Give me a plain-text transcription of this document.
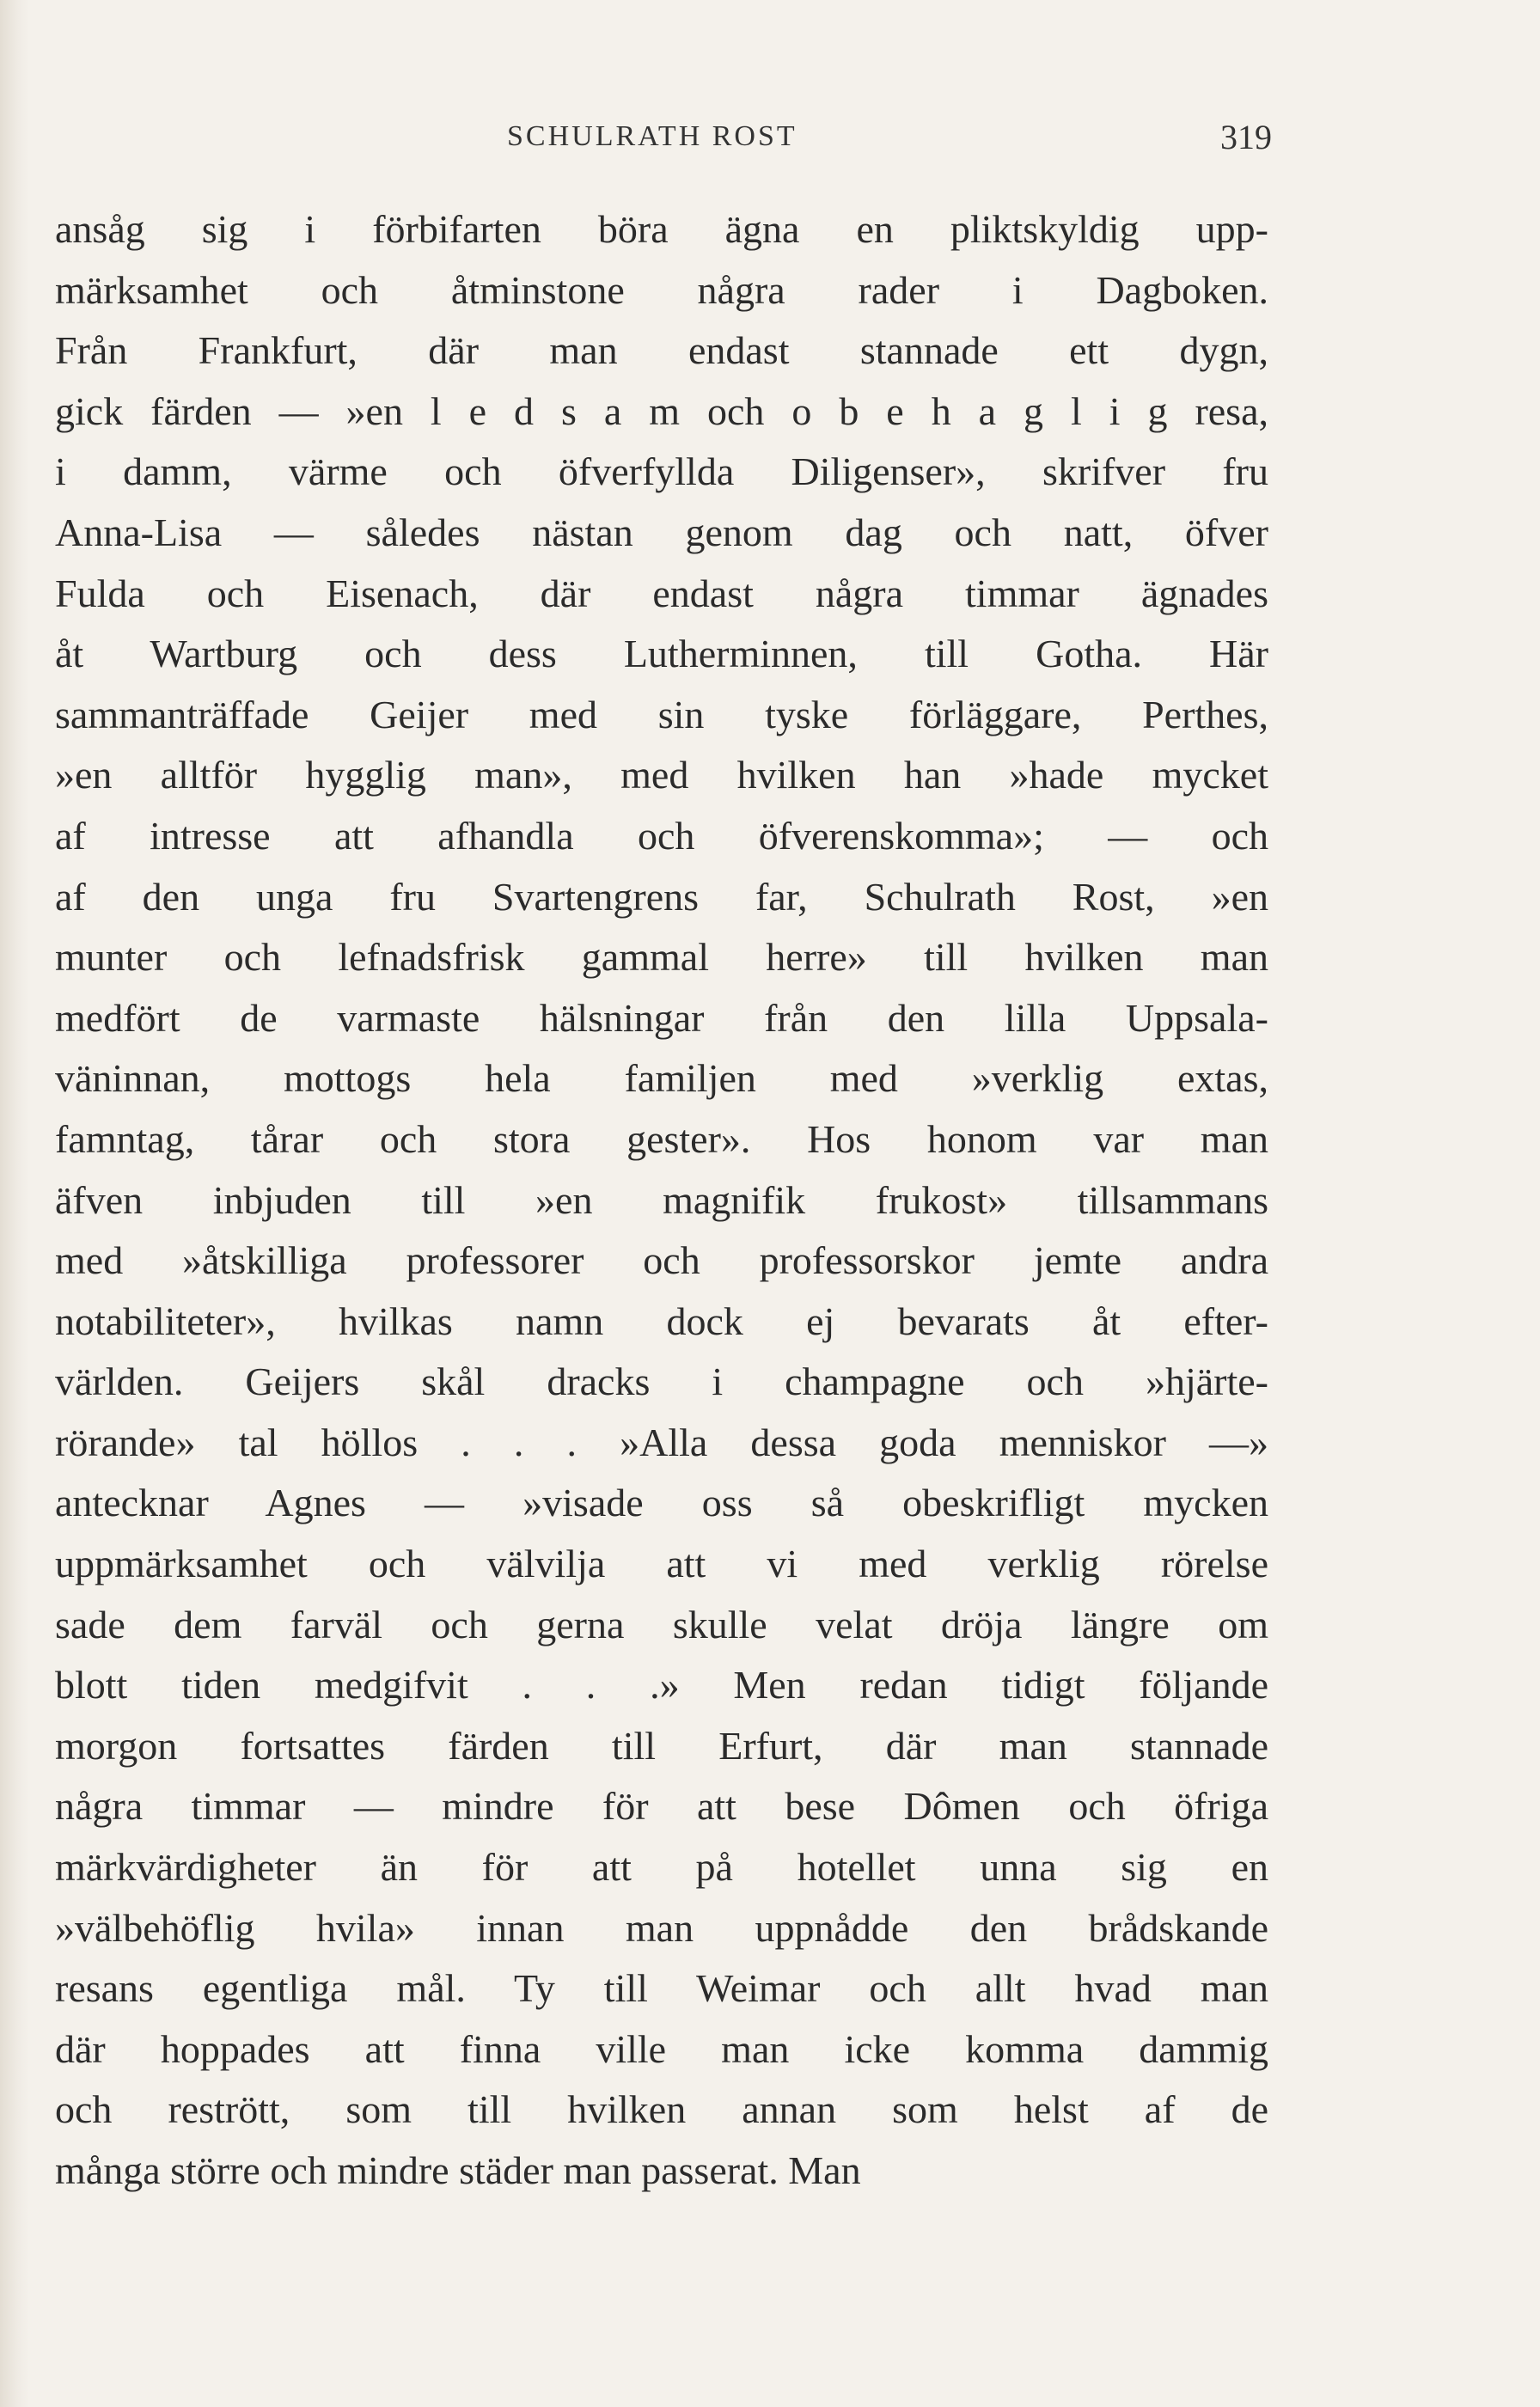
SCHULRATH ROST	319
ansåg sig i förbifarten böra ägna en pliktskyldig upp-
märksamhet och åtminstone några rader i Dagboken.
Från Frankfurt, där man endast stannade ett dygn,
gick färden — »en l e d s a m och o b e h a g l i g resa,
i damm, värme och öfverfyllda Diligenser», skrifver fru
Anna-Lisa — således nästan genom dag och natt, öfver
Fulda och Eisenach, där endast några timmar ägnades
åt Wartburg och dess Lutherminnen, till Gotha. Här
sammanträffade Geijer med sin tyske förläggare, Perthes,
»en alltför hygglig man», med hvilken han »hade mycket
af intresse att afhandla och öfverenskomma»; — och
af den unga fru Svartengrens far, Schulrath Rost, »en
munter och lefnadsfrisk gammal herre» till hvilken man
medfört de varmaste hälsningar från den lilla Uppsala-
väninnan, mottogs hela familjen med »verklig extas,
famntag, tårar och stora gester». Hos honom var man
äfven inbjuden till »en magnifik frukost» tillsammans
med »åtskilliga professorer och professorskor jemte andra
notabiliteter», hvilkas namn dock ej bevarats åt efter-
världen. Geijers skål dracks i champagne och »hjärte-
rörande» tal höllos . . . »Alla dessa goda menniskor —»
antecknar Agnes — »visade oss så obeskrifligt mycken
uppmärksamhet och välvilja att vi med verklig rörelse
sade dem farväl och gerna skulle velat dröja längre om
blott tiden medgifvit . . .» Men redan tidigt följande
morgon fortsattes färden till Erfurt, där man stannade
några timmar — mindre för att bese Dômen och öfriga
märkvärdigheter än för att på hotellet unna sig en
»välbehöflig hvila» innan man uppnådde den brådskande
resans egentliga mål. Ty till Weimar och allt hvad man
där hoppades att finna ville man icke komma dammig
och restrött, som till hvilken annan som helst af de
många större och mindre städer man passerat. Man
